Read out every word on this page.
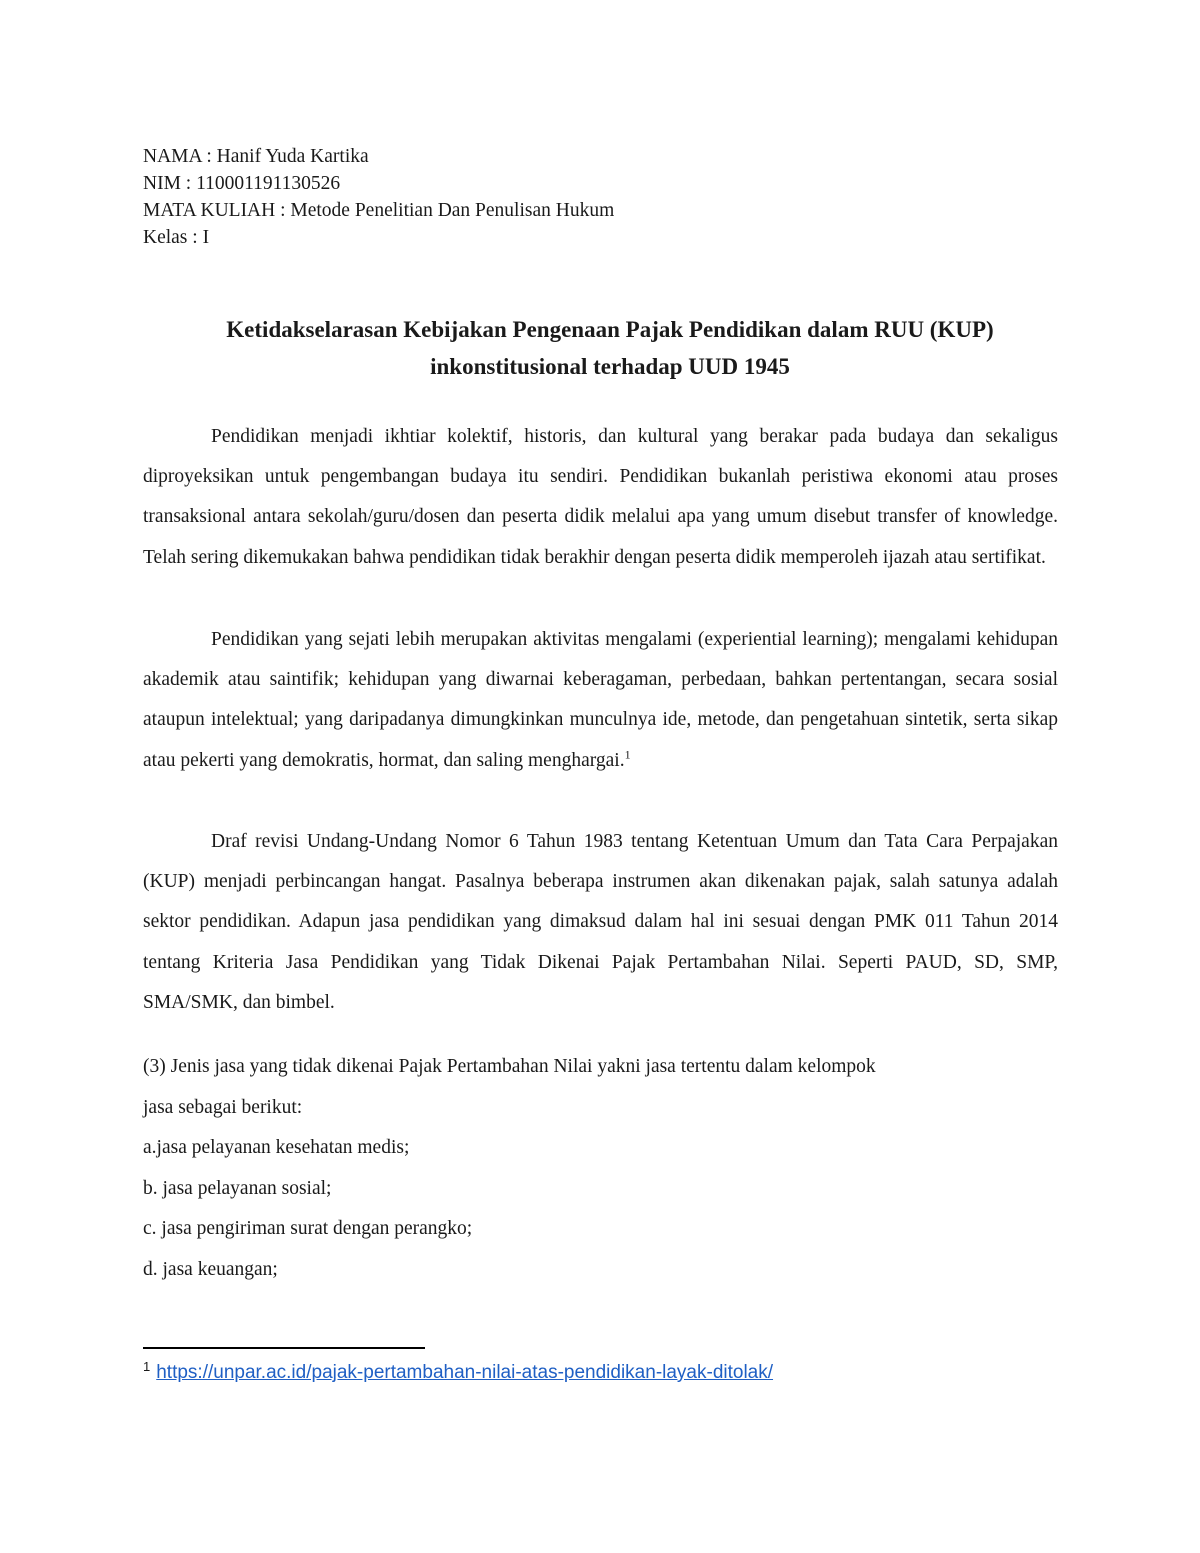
NAMA : Hanif Yuda Kartika
NIM : 110001191130526
MATA KULIAH : Metode Penelitian Dan Penulisan Hukum
Kelas : I
Ketidakselarasan Kebijakan Pengenaan Pajak Pendidikan dalam RUU (KUP)
inkonstitusional terhadap UUD 1945

Pendidikan menjadi ikhtiar kolektif, historis, dan kultural yang berakar pada budaya dan sekaligus diproyeksikan untuk pengembangan budaya itu sendiri. Pendidikan bukanlah peristiwa ekonomi atau proses transaksional antara sekolah/guru/dosen dan peserta didik melalui apa yang umum disebut transfer of knowledge. Telah sering dikemukakan bahwa pendidikan tidak berakhir dengan peserta didik memperoleh ijazah atau sertifikat.

Pendidikan yang sejati lebih merupakan aktivitas mengalami (experiential learning); mengalami kehidupan akademik atau saintifik; kehidupan yang diwarnai keberagaman, perbedaan, bahkan pertentangan, secara sosial ataupun intelektual; yang daripadanya dimungkinkan munculnya ide, metode, dan pengetahuan sintetik, serta sikap atau pekerti yang demokratis, hormat, dan saling menghargai.$^1$

Draf revisi Undang-Undang Nomor 6 Tahun 1983 tentang Ketentuan Umum dan Tata Cara Perpajakan (KUP) menjadi perbincangan hangat. Pasalnya beberapa instrumen akan dikenakan pajak, salah satunya adalah sektor pendidikan. Adapun jasa pendidikan yang dimaksud dalam hal ini sesuai dengan PMK 011 Tahun 2014 tentang Kriteria Jasa Pendidikan yang Tidak Dikenai Pajak Pertambahan Nilai. Seperti PAUD, SD, SMP, SMA/SMK, dan bimbel.

(3) Jenis jasa yang tidak dikenai Pajak Pertambahan Nilai yakni jasa tertentu dalam kelompok
jasa sebagai berikut:
a.jasa pelayanan kesehatan medis;
b. jasa pelayanan sosial;
c. jasa pengiriman surat dengan perangko;
d. jasa keuangan;
$^1$ https://unpar.ac.id/pajak-pertambahan-nilai-atas-pendidikan-layak-ditolak/
